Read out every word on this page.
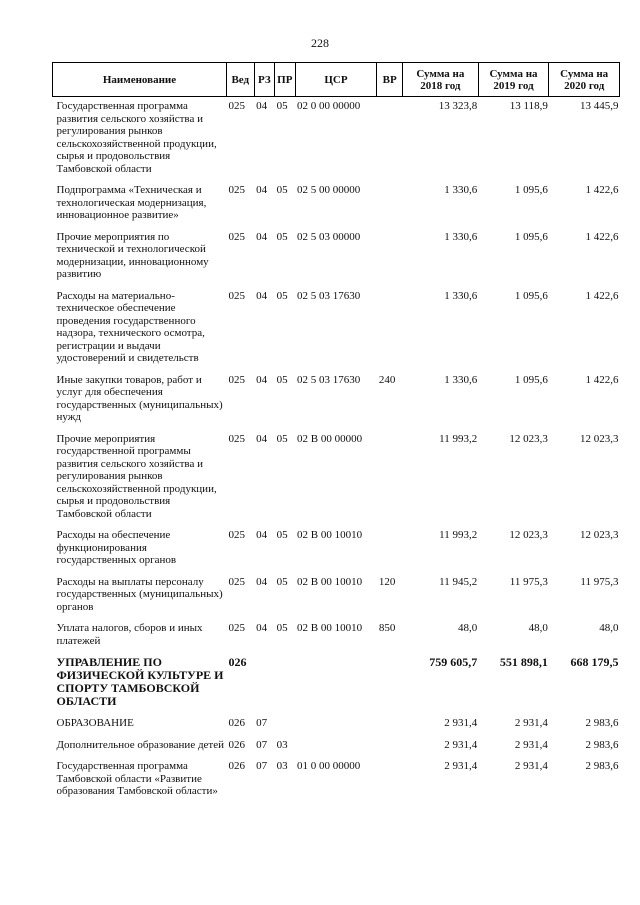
228
Наименование	Вед	РЗ	ПР	ЦСР	ВР	Сумма на 2018 год	Сумма на 2019 год	Сумма на 2020 год
Государственная программа развития сельского хозяйства и регулирования рынков сельскохозяйственной продукции, сырья и продовольствия Тамбовской области	025	04	05	02 0 00 00000		13 323,8	13 118,9	13 445,9
Подпрограмма «Техническая и технологическая модернизация, инновационное развитие»	025	04	05	02 5 00 00000		1 330,6	1 095,6	1 422,6
Прочие мероприятия по технической и технологической модернизации, инновационному развитию	025	04	05	02 5 03 00000		1 330,6	1 095,6	1 422,6
Расходы на материально-техническое обеспечение проведения государственного надзора, технического осмотра, регистрации и выдачи удостоверений и свидетельств	025	04	05	02 5 03 17630		1 330,6	1 095,6	1 422,6
Иные закупки товаров, работ и услуг для обеспечения государственных (муниципальных) нужд	025	04	05	02 5 03 17630	240	1 330,6	1 095,6	1 422,6
Прочие мероприятия государственной программы развития сельского хозяйства и регулирования рынков сельскохозяйственной продукции, сырья и продовольствия Тамбовской области	025	04	05	02 В 00 00000		11 993,2	12 023,3	12 023,3
Расходы на обеспечение функционирования государственных органов	025	04	05	02 В 00 10010		11 993,2	12 023,3	12 023,3
Расходы на выплаты персоналу государственных (муниципальных) органов	025	04	05	02 В 00 10010	120	11 945,2	11 975,3	11 975,3
Уплата налогов, сборов и иных платежей	025	04	05	02 В 00 10010	850	48,0	48,0	48,0
УПРАВЛЕНИЕ ПО ФИЗИЧЕСКОЙ КУЛЬТУРЕ И СПОРТУ ТАМБОВСКОЙ ОБЛАСТИ	026					759 605,7	551 898,1	668 179,5
ОБРАЗОВАНИЕ	026	07				2 931,4	2 931,4	2 983,6
Дополнительное образование детей	026	07	03			2 931,4	2 931,4	2 983,6
Государственная программа Тамбовской области «Развитие образования Тамбовской области»	026	07	03	01 0 00 00000		2 931,4	2 931,4	2 983,6
